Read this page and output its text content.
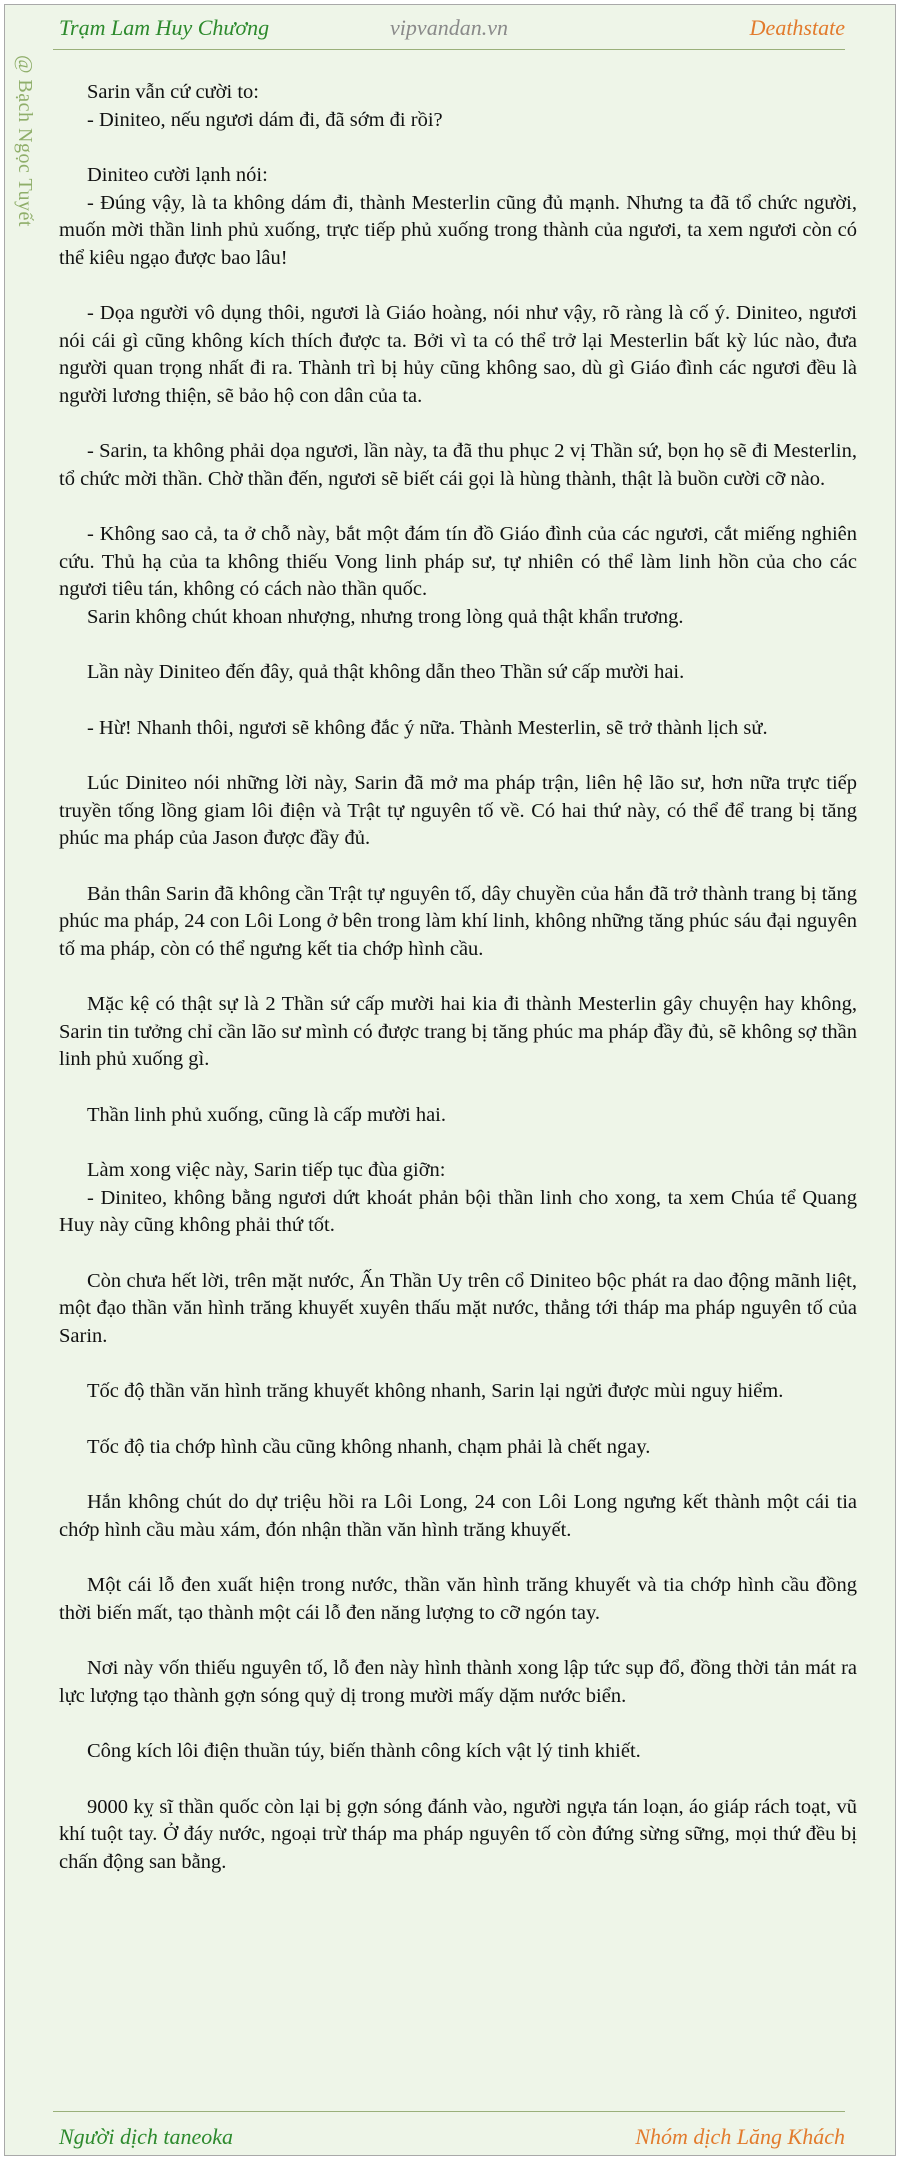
Trạm Lam Huy Chương	vipvandan.vn	Deathstate
@ Bạch Ngọc Tuyết	Sarin vẫn cứ cười to:
- Diniteo, nếu ngươi dám đi, đã sớm đi rồi?

Diniteo cười lạnh nói:
- Đúng vậy, là ta không dám đi, thành Mesterlin cũng đủ mạnh. Nhưng ta đã tổ chức người, muốn mời thần linh phủ xuống, trực tiếp phủ xuống trong thành của ngươi, ta xem ngươi còn có thể kiêu ngạo được bao lâu!

- Dọa người vô dụng thôi, ngươi là Giáo hoàng, nói như vậy, rõ ràng là cố ý. Diniteo, ngươi nói cái gì cũng không kích thích được ta. Bởi vì ta có thể trở lại Mesterlin bất kỳ lúc nào, đưa người quan trọng nhất đi ra. Thành trì bị hủy cũng không sao, dù gì Giáo đình các ngươi đều là người lương thiện, sẽ bảo hộ con dân của ta.

- Sarin, ta không phải dọa ngươi, lần này, ta đã thu phục 2 vị Thần sứ, bọn họ sẽ đi Mesterlin, tổ chức mời thần. Chờ thần đến, ngươi sẽ biết cái gọi là hùng thành, thật là buồn cười cỡ nào.

- Không sao cả, ta ở chỗ này, bắt một đám tín đồ Giáo đình của các ngươi, cắt miếng nghiên cứu. Thủ hạ của ta không thiếu Vong linh pháp sư, tự nhiên có thể làm linh hồn của cho các ngươi tiêu tán, không có cách nào thần quốc.
Sarin không chút khoan nhượng, nhưng trong lòng quả thật khẩn trương.

Lần này Diniteo đến đây, quả thật không dẫn theo Thần sứ cấp mười hai.

- Hừ! Nhanh thôi, ngươi sẽ không đắc ý nữa. Thành Mesterlin, sẽ trở thành lịch sử.

Lúc Diniteo nói những lời này, Sarin đã mở ma pháp trận, liên hệ lão sư, hơn nữa trực tiếp truyền tống lồng giam lôi điện và Trật tự nguyên tố về. Có hai thứ này, có thể để trang bị tăng phúc ma pháp của Jason được đầy đủ.

Bản thân Sarin đã không cần Trật tự nguyên tố, dây chuyền của hắn đã trở thành trang bị tăng phúc ma pháp, 24 con Lôi Long ở bên trong làm khí linh, không những tăng phúc sáu đại nguyên tố ma pháp, còn có thể ngưng kết tia chớp hình cầu.

Mặc kệ có thật sự là 2 Thần sứ cấp mười hai kia đi thành Mesterlin gây chuyện hay không, Sarin tin tưởng chỉ cần lão sư mình có được trang bị tăng phúc ma pháp đầy đủ, sẽ không sợ thần linh phủ xuống gì.

Thần linh phủ xuống, cũng là cấp mười hai.

Làm xong việc này, Sarin tiếp tục đùa giỡn:
- Diniteo, không bằng ngươi dứt khoát phản bội thần linh cho xong, ta xem Chúa tể Quang Huy này cũng không phải thứ tốt.

Còn chưa hết lời, trên mặt nước, Ấn Thần Uy trên cổ Diniteo bộc phát ra dao động mãnh liệt, một đạo thần văn hình trăng khuyết xuyên thấu mặt nước, thẳng tới tháp ma pháp nguyên tố của Sarin.

Tốc độ thần văn hình trăng khuyết không nhanh, Sarin lại ngửi được mùi nguy hiểm.

Tốc độ tia chớp hình cầu cũng không nhanh, chạm phải là chết ngay.

Hắn không chút do dự triệu hồi ra Lôi Long, 24 con Lôi Long ngưng kết thành một cái tia chớp hình cầu màu xám, đón nhận thần văn hình trăng khuyết.

Một cái lỗ đen xuất hiện trong nước, thần văn hình trăng khuyết và tia chớp hình cầu đồng thời biến mất, tạo thành một cái lỗ đen năng lượng to cỡ ngón tay.

Nơi này vốn thiếu nguyên tố, lỗ đen này hình thành xong lập tức sụp đổ, đồng thời tản mát ra lực lượng tạo thành gợn sóng quỷ dị trong mười mấy dặm nước biển.

Công kích lôi điện thuần túy, biến thành công kích vật lý tinh khiết.

9000 kỵ sĩ thần quốc còn lại bị gợn sóng đánh vào, người ngựa tán loạn, áo giáp rách toạt, vũ khí tuột tay. Ở đáy nước, ngoại trừ tháp ma pháp nguyên tố còn đứng sừng sững, mọi thứ đều bị chấn động san bằng.

Người dịch taneoka	Nhóm dịch Lăng Khách
